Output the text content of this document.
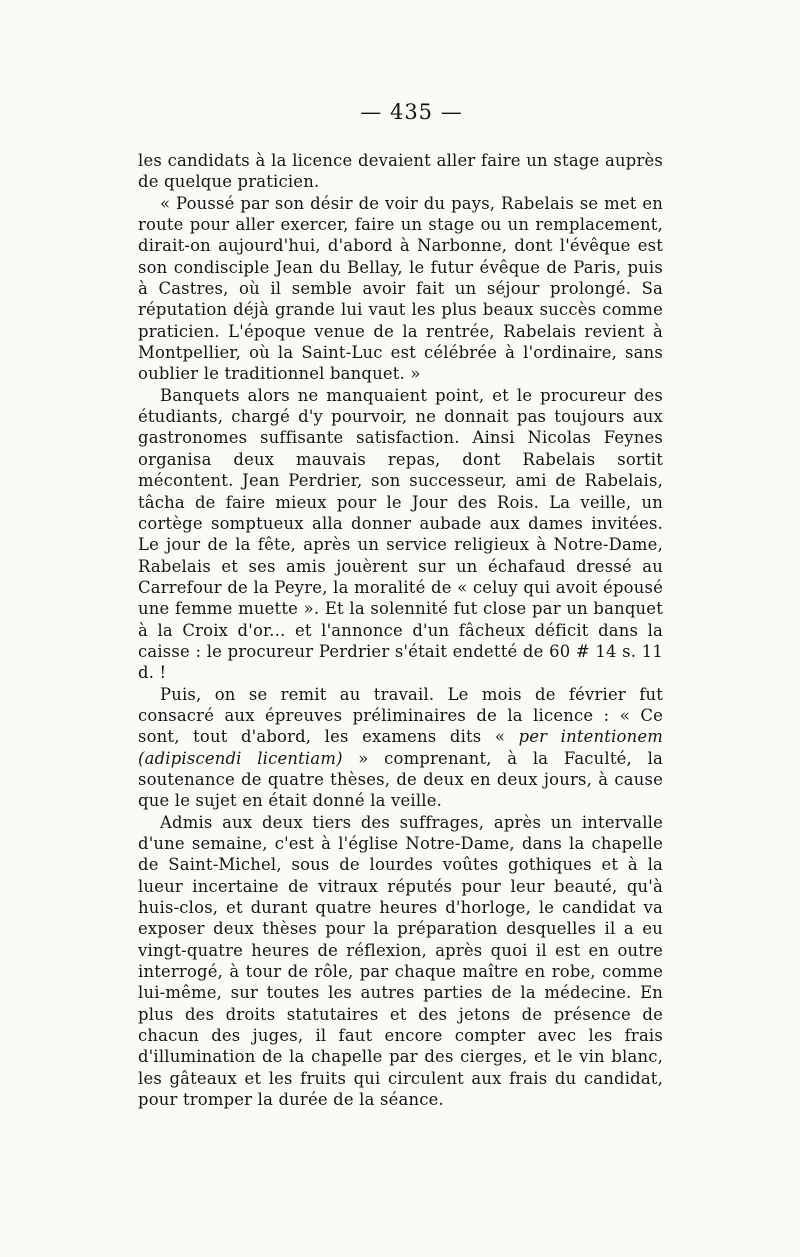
— 435 —

les candidats à la licence devaient aller faire un stage auprès de quelque praticien.

« Poussé par son désir de voir du pays, Rabelais se met en route pour aller exercer, faire un stage ou un remplacement, dirait-on aujourd'hui, d'abord à Narbonne, dont l'évêque est son condisciple Jean du Bellay, le futur évêque de Paris, puis à Castres, où il semble avoir fait un séjour prolongé. Sa réputation déjà grande lui vaut les plus beaux succès comme praticien. L'époque venue de la rentrée, Rabelais revient à Montpellier, où la Saint-Luc est célébrée à l'ordinaire, sans oublier le traditionnel banquet. »

Banquets alors ne manquaient point, et le procureur des étudiants, chargé d'y pourvoir, ne donnait pas toujours aux gastronomes suffisante satisfaction. Ainsi Nicolas Feynes organisa deux mauvais repas, dont Rabelais sortit mécontent. Jean Perdrier, son successeur, ami de Rabelais, tâcha de faire mieux pour le Jour des Rois. La veille, un cortège somptueux alla donner aubade aux dames invitées. Le jour de la fête, après un service religieux à Notre-Dame, Rabelais et ses amis jouèrent sur un échafaud dressé au Carrefour de la Peyre, la moralité de « celuy qui avoit épousé une femme muette ». Et la solennité fut close par un banquet à la Croix d'or... et l'annonce d'un fâcheux déficit dans la caisse : le procureur Perdrier s'était endetté de 60 # 14 s. 11 d. !

Puis, on se remit au travail. Le mois de février fut consacré aux épreuves préliminaires de la licence : « Ce sont, tout d'abord, les examens dits « per intentionem (adipiscendi licentiam) » comprenant, à la Faculté, la soutenance de quatre thèses, de deux en deux jours, à cause que le sujet en était donné la veille.

Admis aux deux tiers des suffrages, après un intervalle d'une semaine, c'est à l'église Notre-Dame, dans la chapelle de Saint-Michel, sous de lourdes voûtes gothiques et à la lueur incertaine de vitraux réputés pour leur beauté, qu'à huis-clos, et durant quatre heures d'horloge, le candidat va exposer deux thèses pour la préparation desquelles il a eu vingt-quatre heures de réflexion, après quoi il est en outre interrogé, à tour de rôle, par chaque maître en robe, comme lui-même, sur toutes les autres parties de la médecine. En plus des droits statutaires et des jetons de présence de chacun des juges, il faut encore compter avec les frais d'illumination de la chapelle par des cierges, et le vin blanc, les gâteaux et les fruits qui circulent aux frais du candidat, pour tromper la durée de la séance.
